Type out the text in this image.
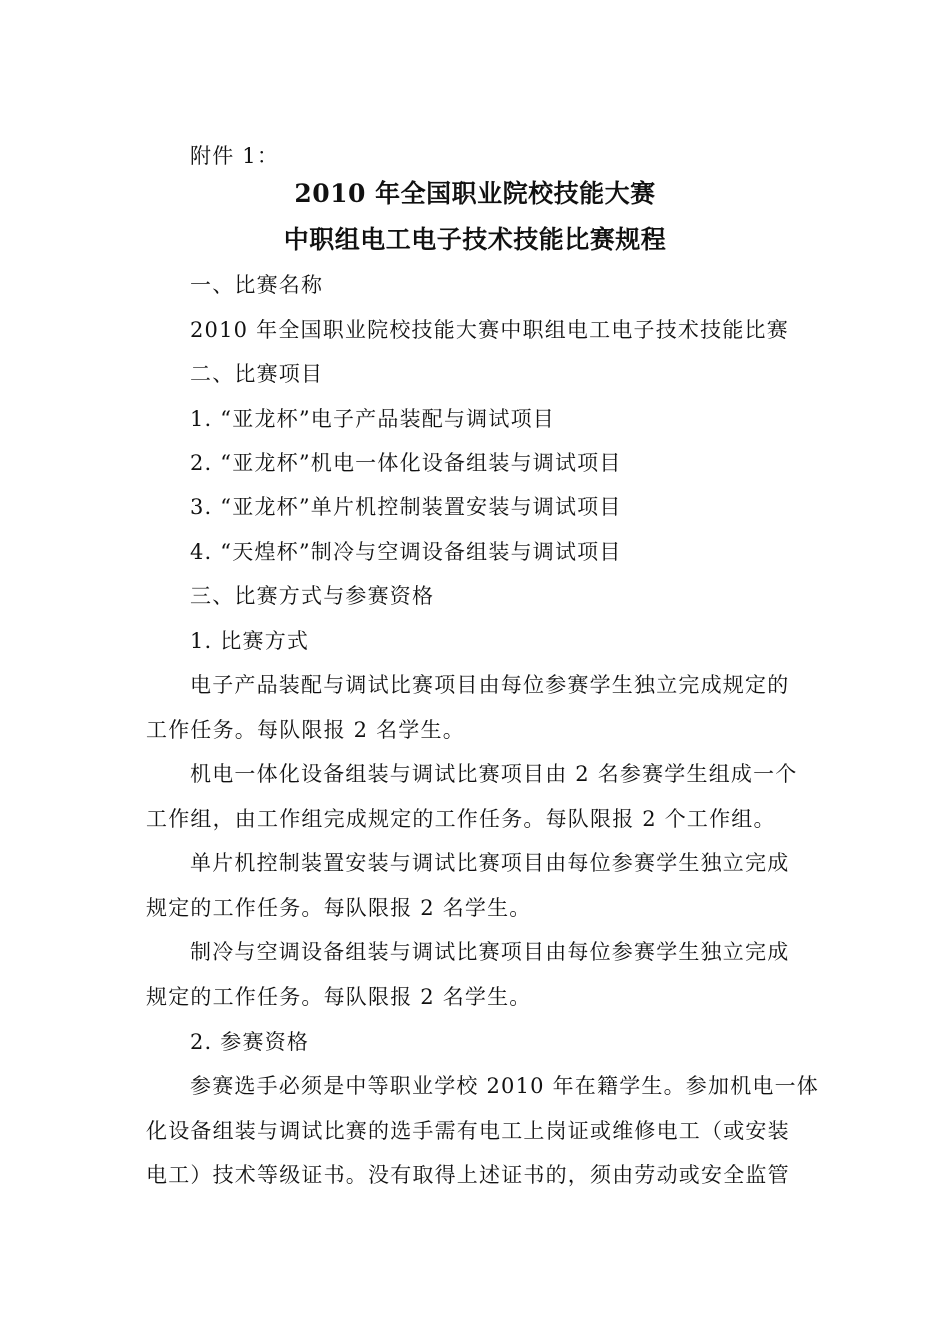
附件 1：
2010 年全国职业院校技能大赛
中职组电工电子技术技能比赛规程
一、比赛名称
2010 年全国职业院校技能大赛中职组电工电子技术技能比赛
二、比赛项目
1. “亚龙杯”电子产品装配与调试项目
2. “亚龙杯”机电一体化设备组装与调试项目
3. “亚龙杯”单片机控制装置安装与调试项目
4. “天煌杯”制冷与空调设备组装与调试项目
三、比赛方式与参赛资格
1. 比赛方式
电子产品装配与调试比赛项目由每位参赛学生独立完成规定的
工作任务。每队限报 2 名学生。
机电一体化设备组装与调试比赛项目由 2 名参赛学生组成一个
工作组，由工作组完成规定的工作任务。每队限报 2 个工作组。
单片机控制装置安装与调试比赛项目由每位参赛学生独立完成
规定的工作任务。每队限报 2 名学生。
制冷与空调设备组装与调试比赛项目由每位参赛学生独立完成
规定的工作任务。每队限报 2 名学生。
2. 参赛资格
参赛选手必须是中等职业学校 2010 年在籍学生。参加机电一体
化设备组装与调试比赛的选手需有电工上岗证或维修电工（或安装
电工）技术等级证书。没有取得上述证书的，须由劳动或安全监管
